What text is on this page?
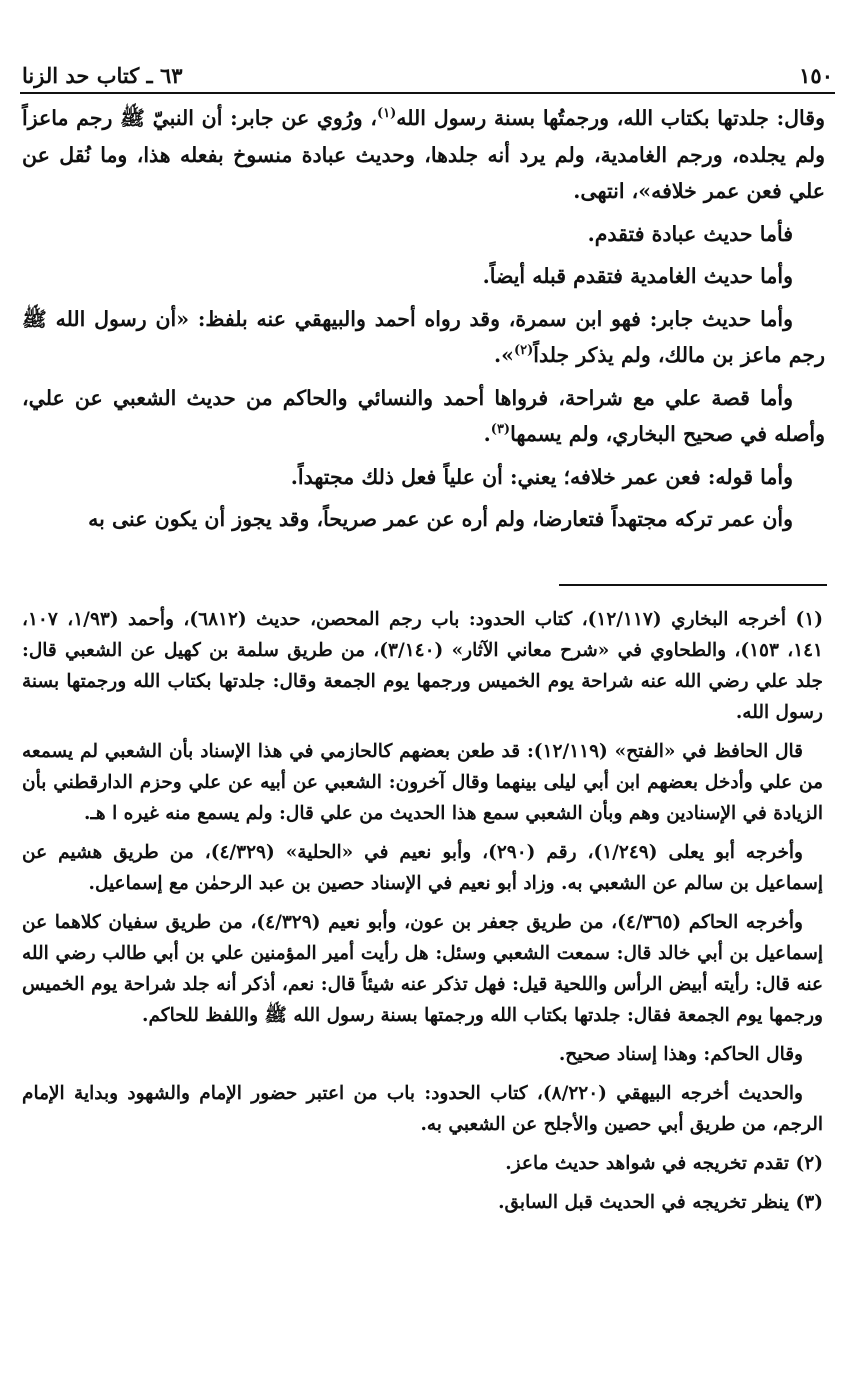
١٥٠
٦٣ ـ كتاب حد الزنا

وقال: جلدتها بكتاب الله، ورجمتُها بسنة رسول الله$^{(١)}$، ورُوي عن جابر: أن النبيّ ﷺ رجم ماعزاً ولم يجلده، ورجم الغامدية، ولم يرد أنه جلدها، وحديث عبادة منسوخ بفعله هذا، وما نُقل عن علي فعن عمر خلافه»، انتهى.

فأما حديث عبادة فتقدم.

وأما حديث الغامدية فتقدم قبله أيضاً.

وأما حديث جابر: فهو ابن سمرة، وقد رواه أحمد والبيهقي عنه بلفظ: «أن رسول الله ﷺ رجم ماعز بن مالك، ولم يذكر جلداً$^{(٢)}$».

وأما قصة علي مع شراحة، فرواها أحمد والنسائي والحاكم من حديث الشعبي عن علي، وأصله في صحيح البخاري، ولم يسمها$^{(٣)}$.

وأما قوله: فعن عمر خلافه؛ يعني: أن علياً فعل ذلك مجتهداً.

وأن عمر تركه مجتهداً فتعارضا، ولم أره عن عمر صريحاً، وقد يجوز أن يكون عنى به

(١) أخرجه البخاري (١٢/١١٧)، كتاب الحدود: باب رجم المحصن، حديث (٦٨١٢)، وأحمد (١/٩٣، ١٠٧، ١٤١، ١٥٣)، والطحاوي في «شرح معاني الآثار» (٣/١٤٠)، من طريق سلمة بن كهيل عن الشعبي قال: جلد علي رضي الله عنه شراحة يوم الخميس ورجمها يوم الجمعة وقال: جلدتها بكتاب الله ورجمتها بسنة رسول الله.

قال الحافظ في «الفتح» (١٢/١١٩): قد طعن بعضهم كالحازمي في هذا الإسناد بأن الشعبي لم يسمعه من علي وأدخل بعضهم ابن أبي ليلى بينهما وقال آخرون: الشعبي عن أبيه عن علي وحزم الدارقطني بأن الزيادة في الإسنادين وهم وبأن الشعبي سمع هذا الحديث من علي قال: ولم يسمع منه غيره ا هـ.

وأخرجه أبو يعلى (١/٢٤٩)، رقم (٢٩٠)، وأبو نعيم في «الحلية» (٤/٣٢٩)، من طريق هشيم عن إسماعيل بن سالم عن الشعبي به. وزاد أبو نعيم في الإسناد حصين بن عبد الرحمٰن مع إسماعيل.

وأخرجه الحاكم (٤/٣٦٥)، من طريق جعفر بن عون، وأبو نعيم (٤/٣٢٩)، من طريق سفيان كلاهما عن إسماعيل بن أبي خالد قال: سمعت الشعبي وسئل: هل رأيت أمير المؤمنين علي بن أبي طالب رضي الله عنه قال: رأيته أبيض الرأس واللحية قيل: فهل تذكر عنه شيئاً قال: نعم، أذكر أنه جلد شراحة يوم الخميس ورجمها يوم الجمعة فقال: جلدتها بكتاب الله ورجمتها بسنة رسول الله ﷺ واللفظ للحاكم.

وقال الحاكم: وهذا إسناد صحيح.

والحديث أخرجه البيهقي (٨/٢٢٠)، كتاب الحدود: باب من اعتبر حضور الإمام والشهود وبداية الإمام الرجم، من طريق أبي حصين والأجلح عن الشعبي به.

(٢) تقدم تخريجه في شواهد حديث ماعز.

(٣) ينظر تخريجه في الحديث قبل السابق.
